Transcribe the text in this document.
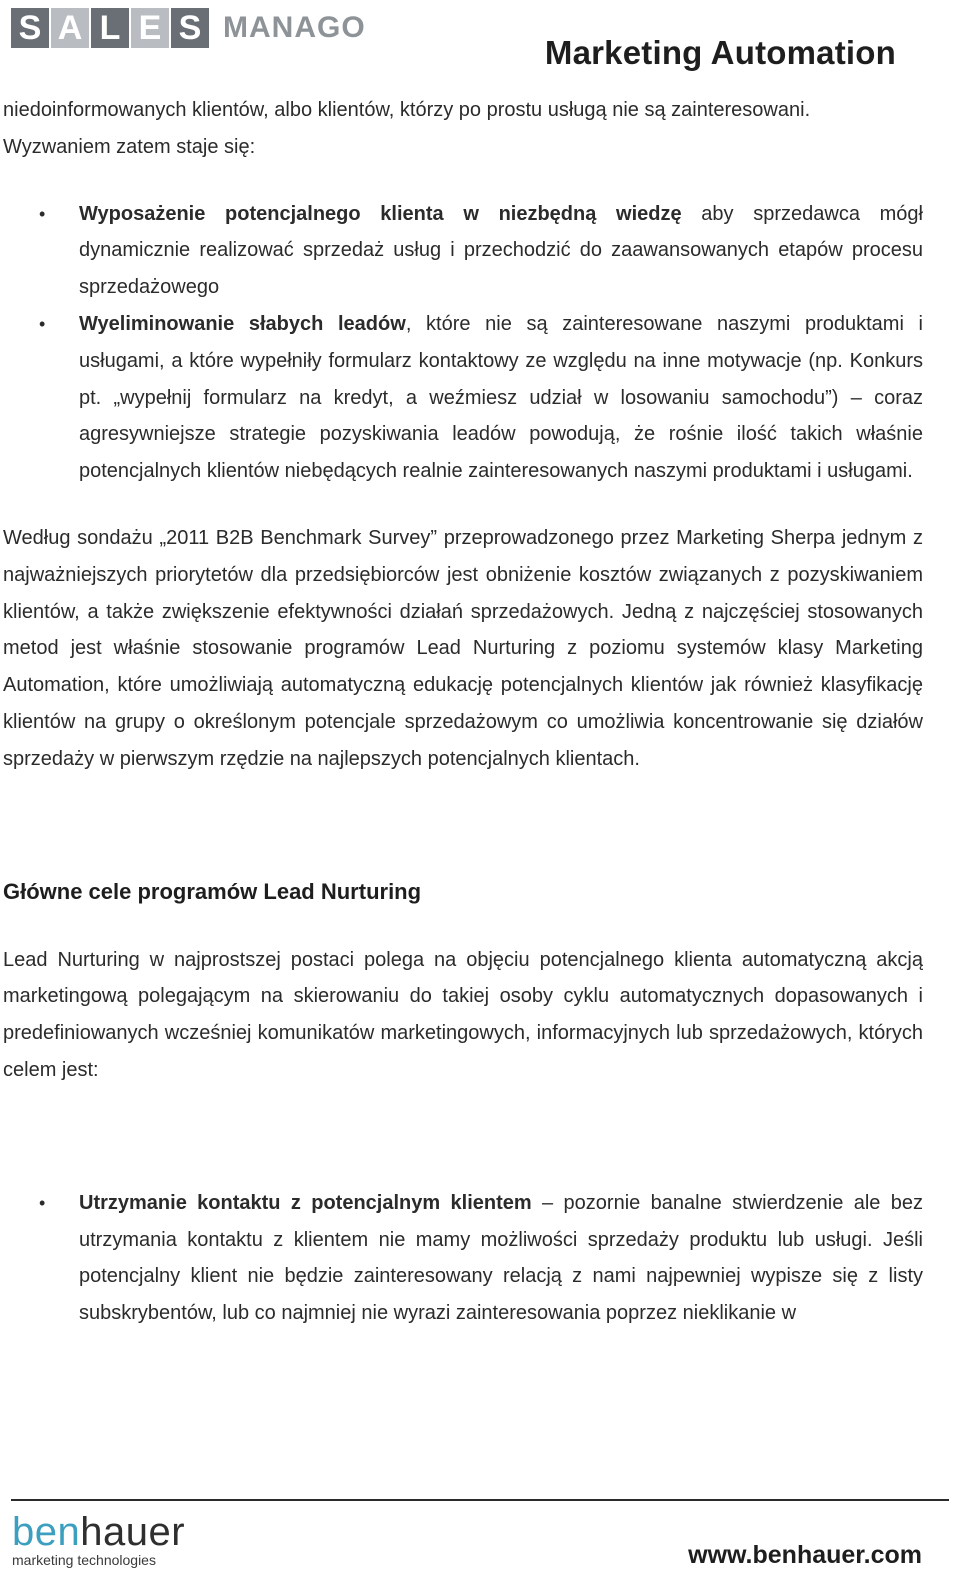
S A L E S MANAGO
Marketing Automation

niedoinformowanych klientów, albo klientów, którzy po prostu usługą nie są zainteresowani.
Wyzwaniem zatem staje się:

• Wyposażenie potencjalnego klienta w niezbędną wiedzę aby sprzedawca mógł dynamicznie realizować sprzedaż usług i przechodzić do zaawansowanych etapów procesu sprzedażowego
• Wyeliminowanie słabych leadów, które nie są zainteresowane naszymi produktami i usługami, a które wypełniły formularz kontaktowy ze względu na inne motywacje (np. Konkurs pt. „wypełnij formularz na kredyt, a weźmiesz udział w losowaniu samochodu”) – coraz agresywniejsze strategie pozyskiwania leadów powodują, że rośnie ilość takich właśnie potencjalnych klientów niebędących realnie zainteresowanych naszymi produktami i usługami.

Według sondażu „2011 B2B Benchmark Survey” przeprowadzonego przez Marketing Sherpa jednym z najważniejszych priorytetów dla przedsiębiorców jest obniżenie kosztów związanych z pozyskiwaniem klientów, a także zwiększenie efektywności działań sprzedażowych. Jedną z najczęściej stosowanych metod jest właśnie stosowanie programów Lead Nurturing z poziomu systemów klasy Marketing Automation, które umożliwiają automatyczną edukację potencjalnych klientów jak również klasyfikację klientów na grupy o określonym potencjale sprzedażowym co umożliwia koncentrowanie się działów sprzedaży w pierwszym rzędzie na najlepszych potencjalnych klientach.

Główne cele programów Lead Nurturing

Lead Nurturing w najprostszej postaci polega na objęciu potencjalnego klienta automatyczną akcją marketingową polegającym na skierowaniu do takiej osoby cyklu automatycznych dopasowanych i predefiniowanych wcześniej komunikatów marketingowych, informacyjnych lub sprzedażowych, których celem jest:

• Utrzymanie kontaktu z potencjalnym klientem – pozornie banalne stwierdzenie ale bez utrzymania kontaktu z klientem nie mamy możliwości sprzedaży produktu lub usługi. Jeśli potencjalny klient nie będzie zainteresowany relacją z nami najpewniej wypisze się z listy subskrybentów, lub co najmniej nie wyrazi zainteresowania poprzez nieklikanie w
benhauer
marketing technologies	www.benhauer.com
